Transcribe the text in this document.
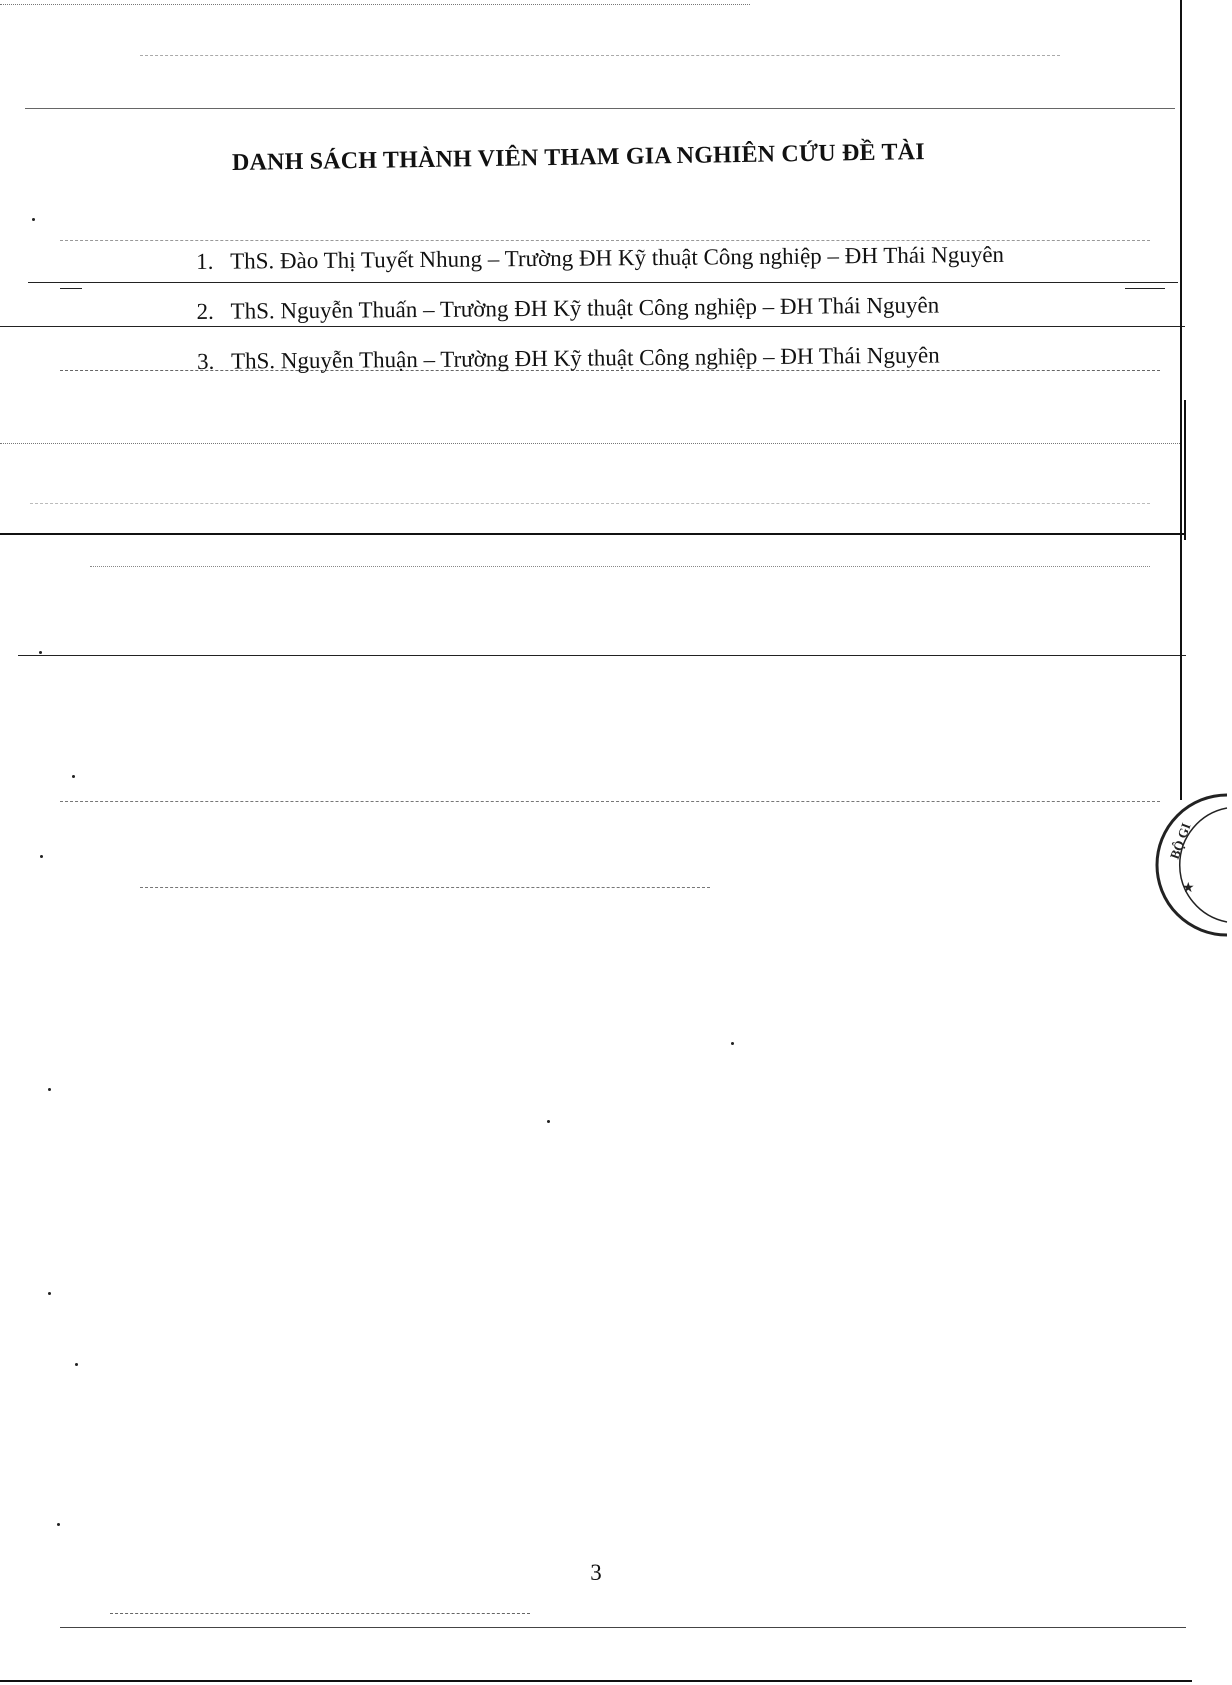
DANH SÁCH THÀNH VIÊN THAM GIA NGHIÊN CỨU ĐỀ TÀI
1. ThS. Đào Thị Tuyết Nhung – Trường ĐH Kỹ thuật Công nghiệp – ĐH Thái Nguyên
2. ThS. Nguyễn Thuấn – Trường ĐH Kỹ thuật Công nghiệp – ĐH Thái Nguyên
3. ThS. Nguyễn Thuận – Trường ĐH Kỹ thuật Công nghiệp – ĐH Thái Nguyên
3
BỘ GI
★
